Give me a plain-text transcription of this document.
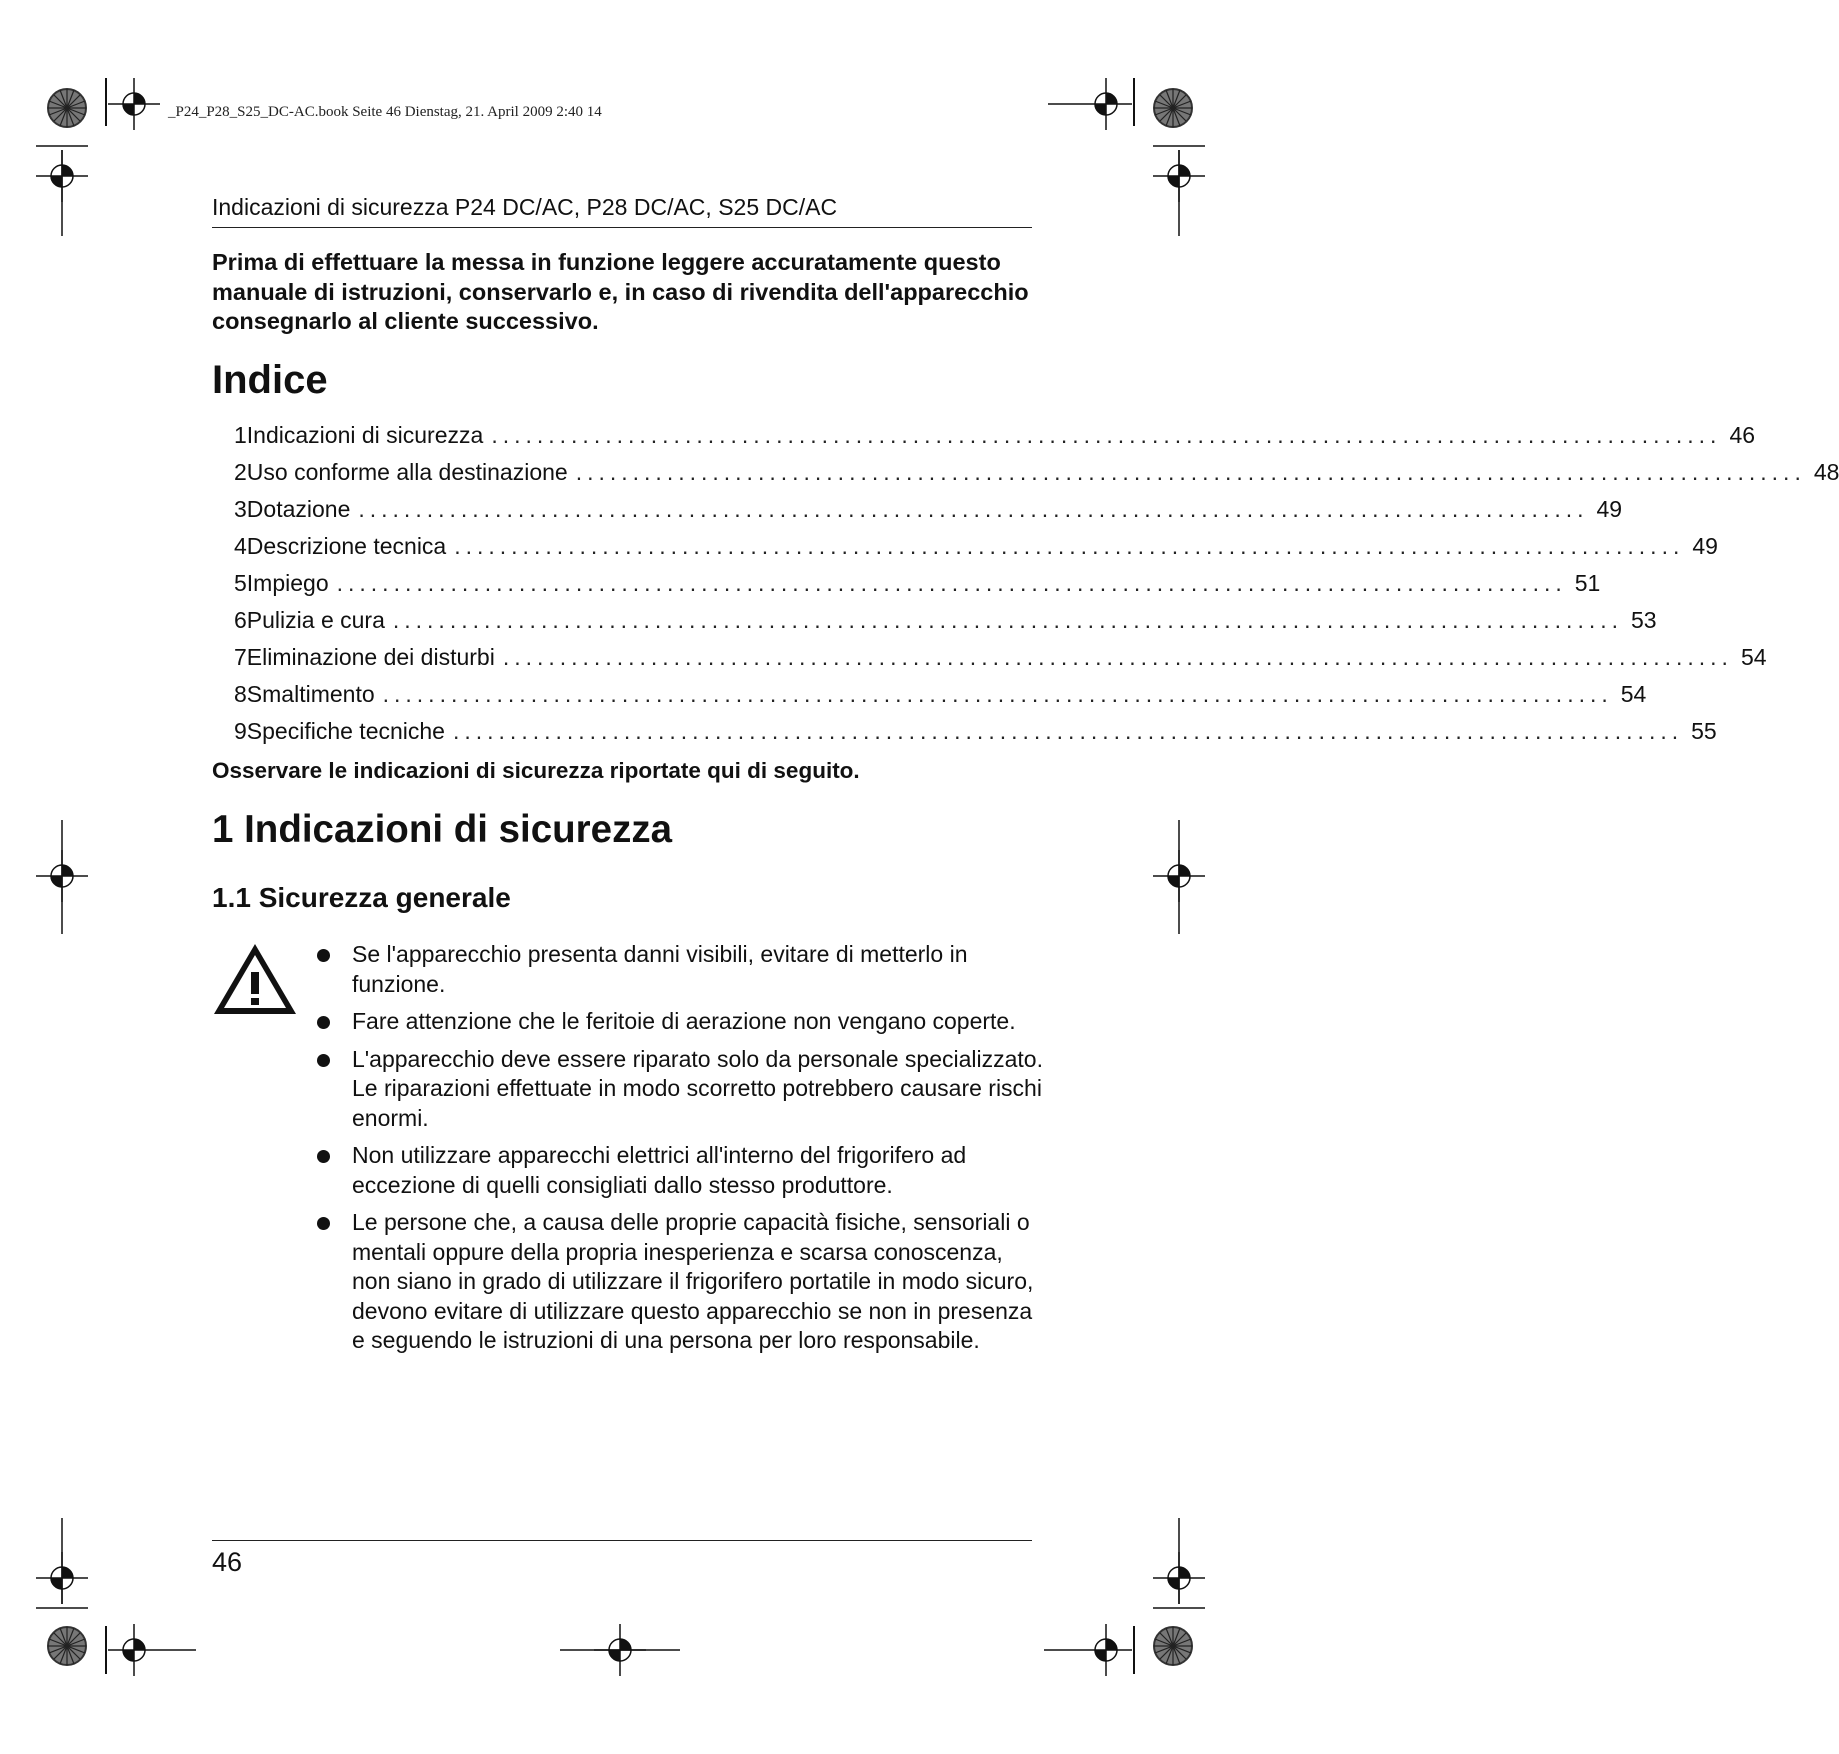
_P24_P28_S25_DC-AC.book Seite 46 Dienstag, 21. April 2009 2:40 14
Indicazioni di sicurezza P24 DC/AC, P28 DC/AC, S25 DC/AC
Prima di effettuare la messa in funzione leggere accuratamente questo manuale di istruzioni, conservarlo e, in caso di rivendita dell'apparecchio consegnarlo al cliente successivo.
Indice
1 Indicazioni di sicurezza ............................................................................................................ 46
2 Uso conforme alla destinazione ............................................................................................................ 48
3 Dotazione ............................................................................................................ 49
4 Descrizione tecnica ............................................................................................................ 49
5 Impiego ............................................................................................................ 51
6 Pulizia e cura ............................................................................................................ 53
7 Eliminazione dei disturbi ............................................................................................................ 54
8 Smaltimento ............................................................................................................ 54
9 Specifiche tecniche ............................................................................................................ 55
Osservare le indicazioni di sicurezza riportate qui di seguito.
1 Indicazioni di sicurezza
1.1 Sicurezza generale
Se l'apparecchio presenta danni visibili, evitare di metterlo in funzione.
Fare attenzione che le feritoie di aerazione non vengano coperte.
L'apparecchio deve essere riparato solo da personale specializzato. Le riparazioni effettuate in modo scorretto potrebbero causare rischi enormi.
Non utilizzare apparecchi elettrici all'interno del frigorifero ad eccezione di quelli consigliati dallo stesso produttore.
Le persone che, a causa delle proprie capacità fisiche, sensoriali o mentali oppure della propria inesperienza e scarsa conoscenza, non siano in grado di utilizzare il frigorifero portatile in modo sicuro, devono evitare di utilizzare questo apparecchio se non in presenza e seguendo le istruzioni di una persona per loro responsabile.
46
